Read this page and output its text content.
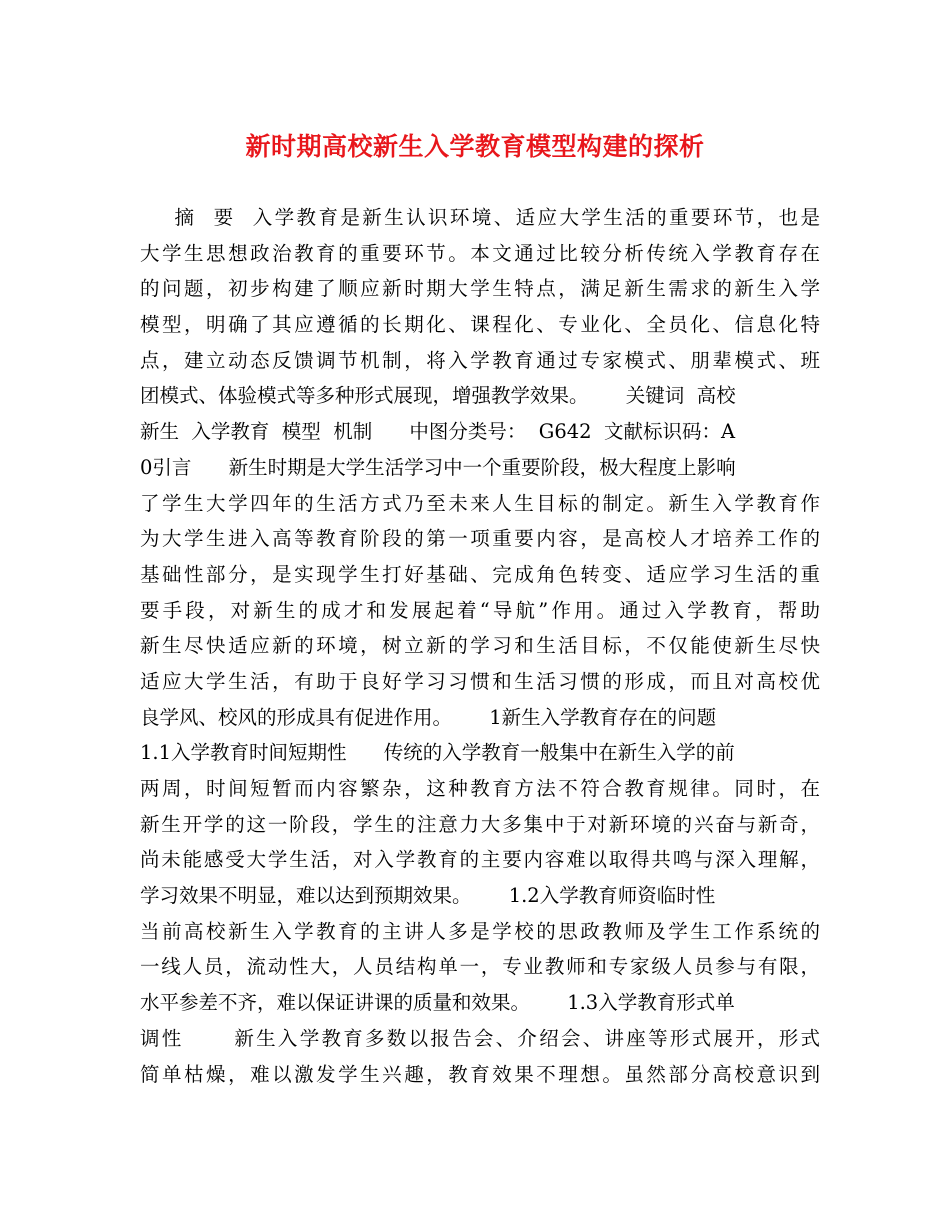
新时期高校新生入学教育模型构建的探析
摘  要  入学教育是新生认识环境、适应大学生活的重要环节，也是
大学生思想政治教育的重要环节。本文通过比较分析传统入学教育存在
的问题，初步构建了顺应新时期大学生特点，满足新生需求的新生入学
模型，明确了其应遵循的长期化、课程化、专业化、全员化、信息化特
点，建立动态反馈调节机制，将入学教育通过专家模式、朋辈模式、班
团模式、体验模式等多种形式展现，增强教学效果。      关键词  高校
新生  入学教育  模型  机制      中图分类号：  G642  文献标识码：A
0引言      新生时期是大学生活学习中一个重要阶段，极大程度上影响
了学生大学四年的生活方式乃至未来人生目标的制定。新生入学教育作
为大学生进入高等教育阶段的第一项重要内容，是高校人才培养工作的
基础性部分，是实现学生打好基础、完成角色转变、适应学习生活的重
要手段，对新生的成才和发展起着“导航”作用。通过入学教育，帮助
新生尽快适应新的环境，树立新的学习和生活目标，不仅能使新生尽快
适应大学生活，有助于良好学习习惯和生活习惯的形成，而且对高校优
良学风、校风的形成具有促进作用。      1新生入学教育存在的问题
1.1入学教育时间短期性      传统的入学教育一般集中在新生入学的前
两周，时间短暂而内容繁杂，这种教育方法不符合教育规律。同时，在
新生开学的这一阶段，学生的注意力大多集中于对新环境的兴奋与新奇，
尚未能感受大学生活，对入学教育的主要内容难以取得共鸣与深入理解，
学习效果不明显，难以达到预期效果。      1.2入学教育师资临时性
当前高校新生入学教育的主讲人多是学校的思政教师及学生工作系统的
一线人员，流动性大，人员结构单一，专业教师和专家级人员参与有限，
水平参差不齐，难以保证讲课的质量和效果。      1.3入学教育形式单
调性      新生入学教育多数以报告会、介绍会、讲座等形式展开，形式
简单枯燥，难以激发学生兴趣，教育效果不理想。虽然部分高校意识到
